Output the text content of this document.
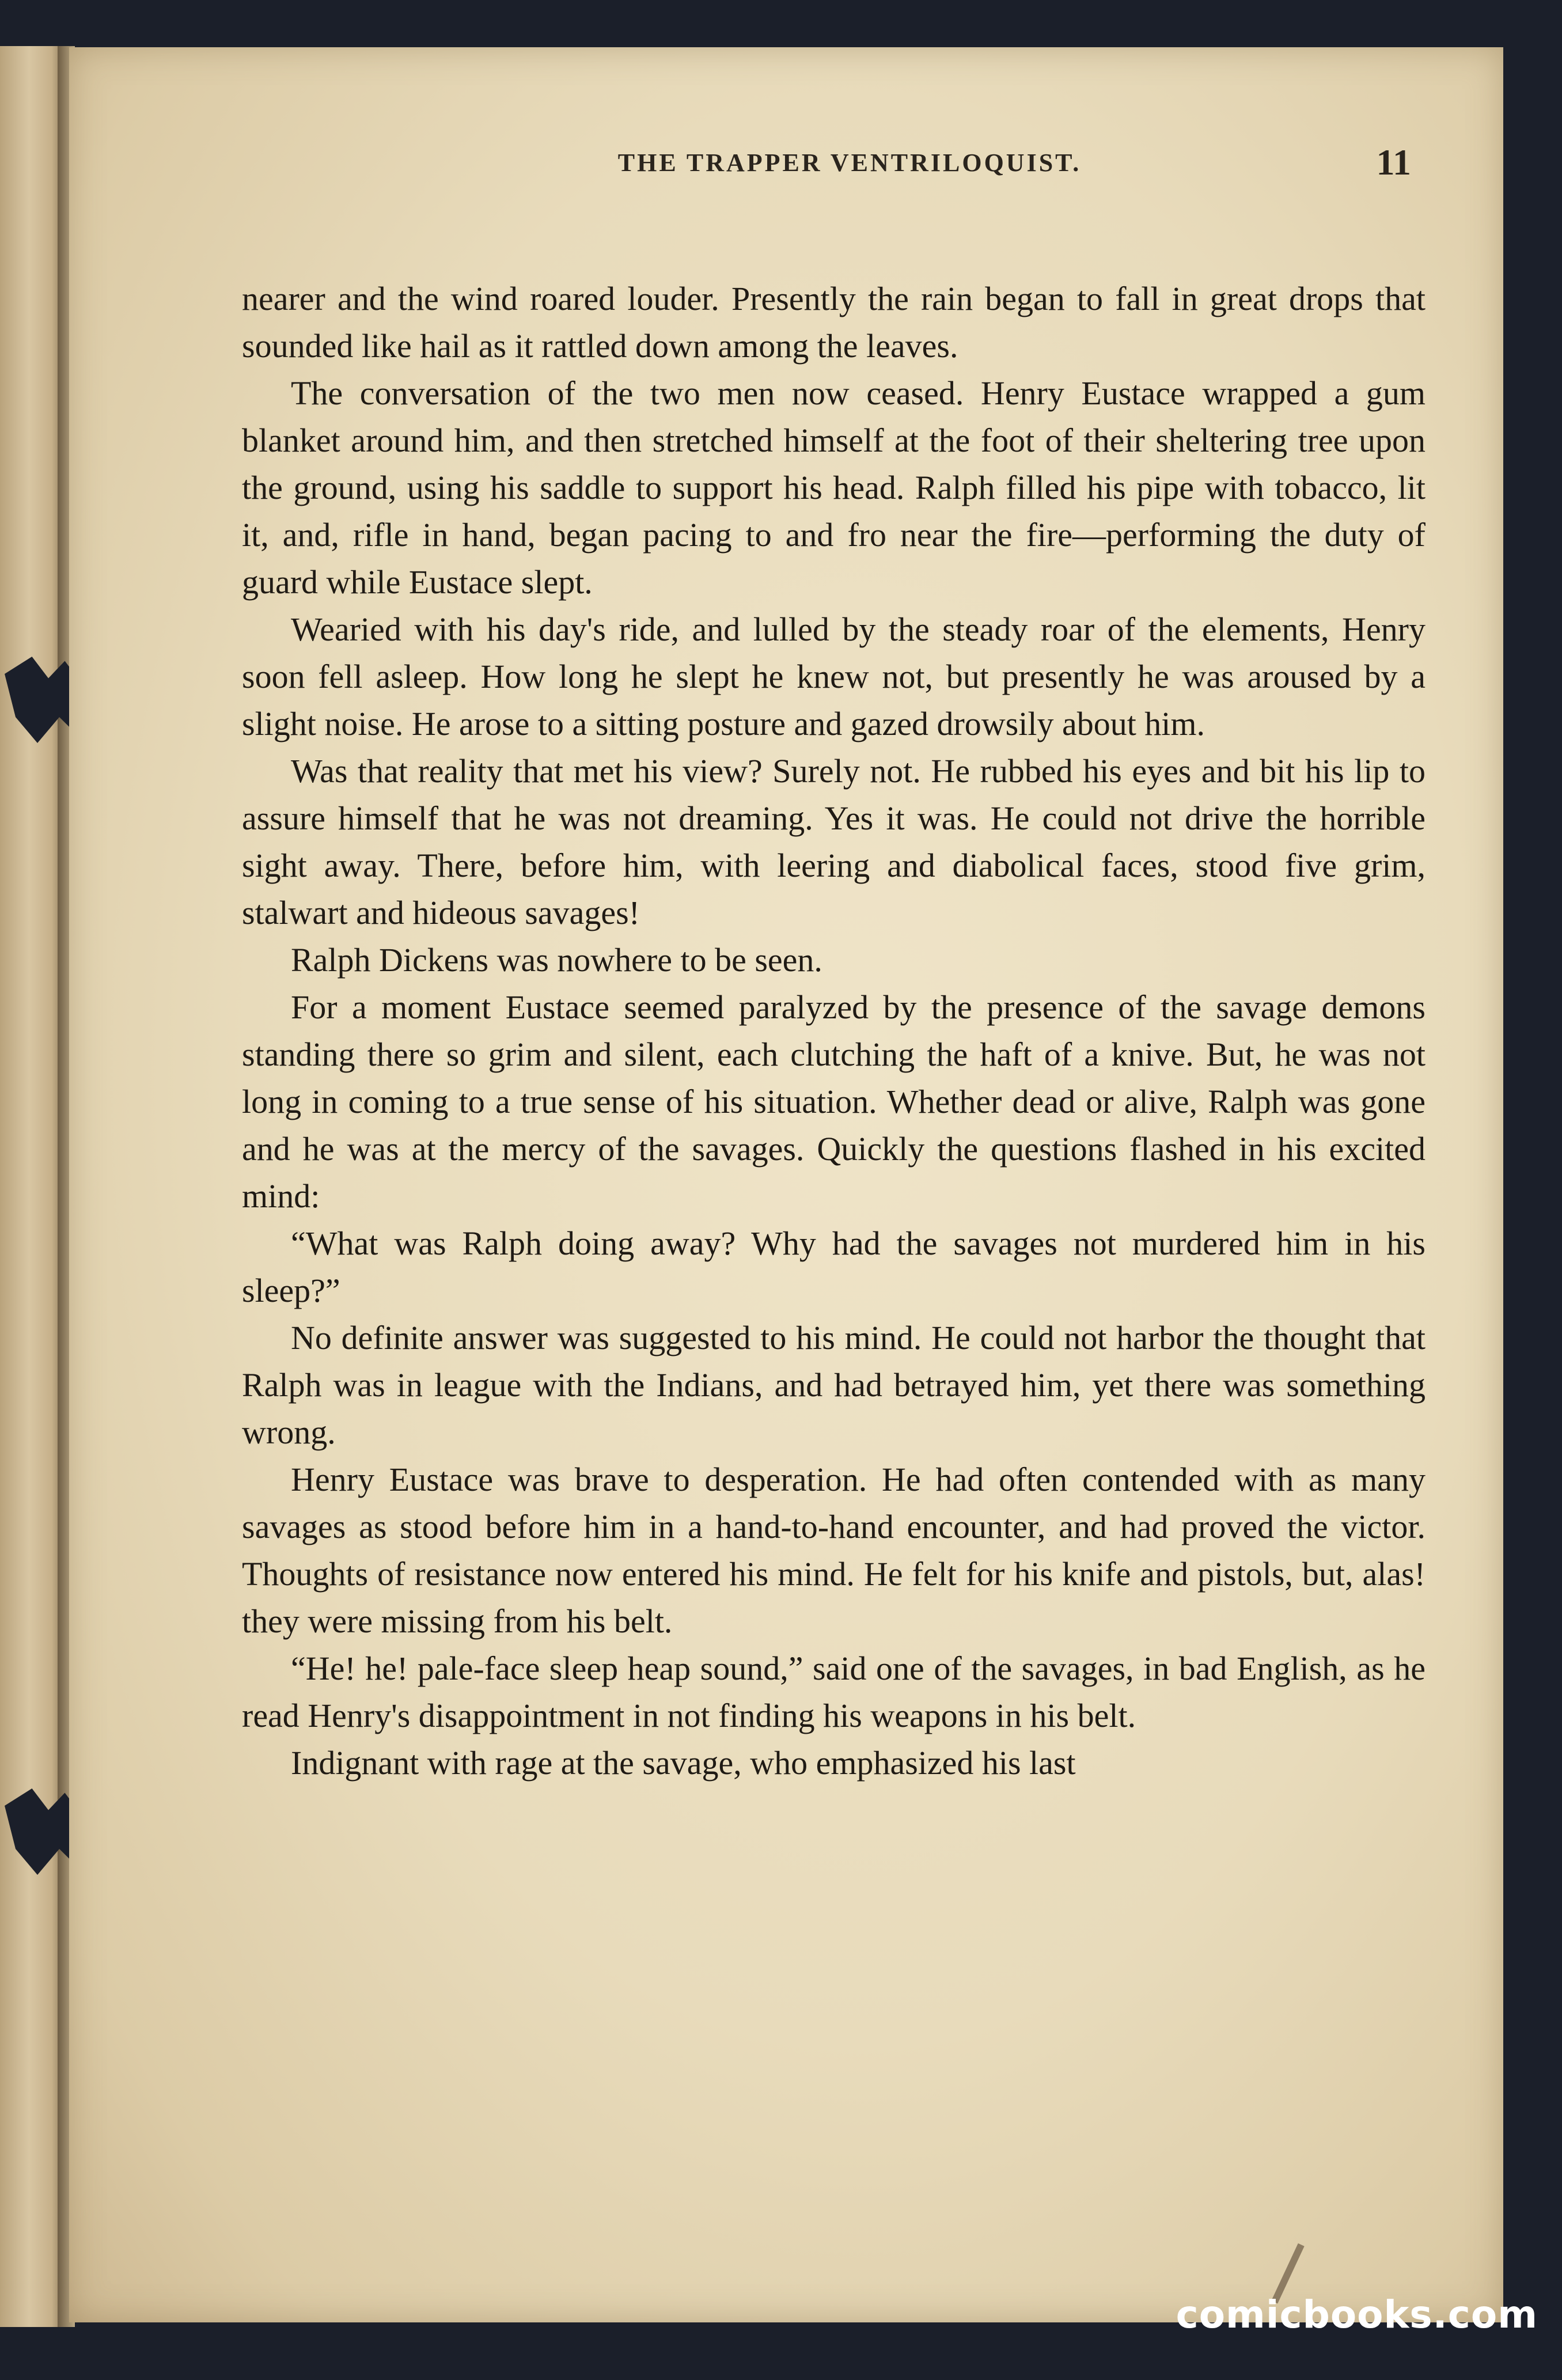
THE TRAPPER VENTRILOQUIST.	11

nearer and the wind roared louder. Presently the rain began to fall in great drops that sounded like hail as it rattled down among the leaves.

The conversation of the two men now ceased. Henry Eustace wrapped a gum blanket around him, and then stretched himself at the foot of their sheltering tree upon the ground, using his saddle to support his head. Ralph filled his pipe with tobacco, lit it, and, rifle in hand, began pacing to and fro near the fire—performing the duty of guard while Eustace slept.

Wearied with his day's ride, and lulled by the steady roar of the elements, Henry soon fell asleep. How long he slept he knew not, but presently he was aroused by a slight noise. He arose to a sitting posture and gazed drowsily about him.

Was that reality that met his view? Surely not. He rubbed his eyes and bit his lip to assure himself that he was not dreaming. Yes it was. He could not drive the horrible sight away. There, before him, with leering and diabolical faces, stood five grim, stalwart and hideous savages!

Ralph Dickens was nowhere to be seen.

For a moment Eustace seemed paralyzed by the presence of the savage demons standing there so grim and silent, each clutching the haft of a knive. But, he was not long in coming to a true sense of his situation. Whether dead or alive, Ralph was gone and he was at the mercy of the savages. Quickly the questions flashed in his excited mind:

“What was Ralph doing away? Why had the savages not murdered him in his sleep?”

No definite answer was suggested to his mind. He could not harbor the thought that Ralph was in league with the Indians, and had betrayed him, yet there was something wrong.

Henry Eustace was brave to desperation. He had often contended with as many savages as stood before him in a hand-to-hand encounter, and had proved the victor. Thoughts of resistance now entered his mind. He felt for his knife and pistols, but, alas! they were missing from his belt.

“He! he! pale-face sleep heap sound,” said one of the savages, in bad English, as he read Henry's disappointment in not finding his weapons in his belt.

Indignant with rage at the savage, who emphasized his last

comicbooks.com
